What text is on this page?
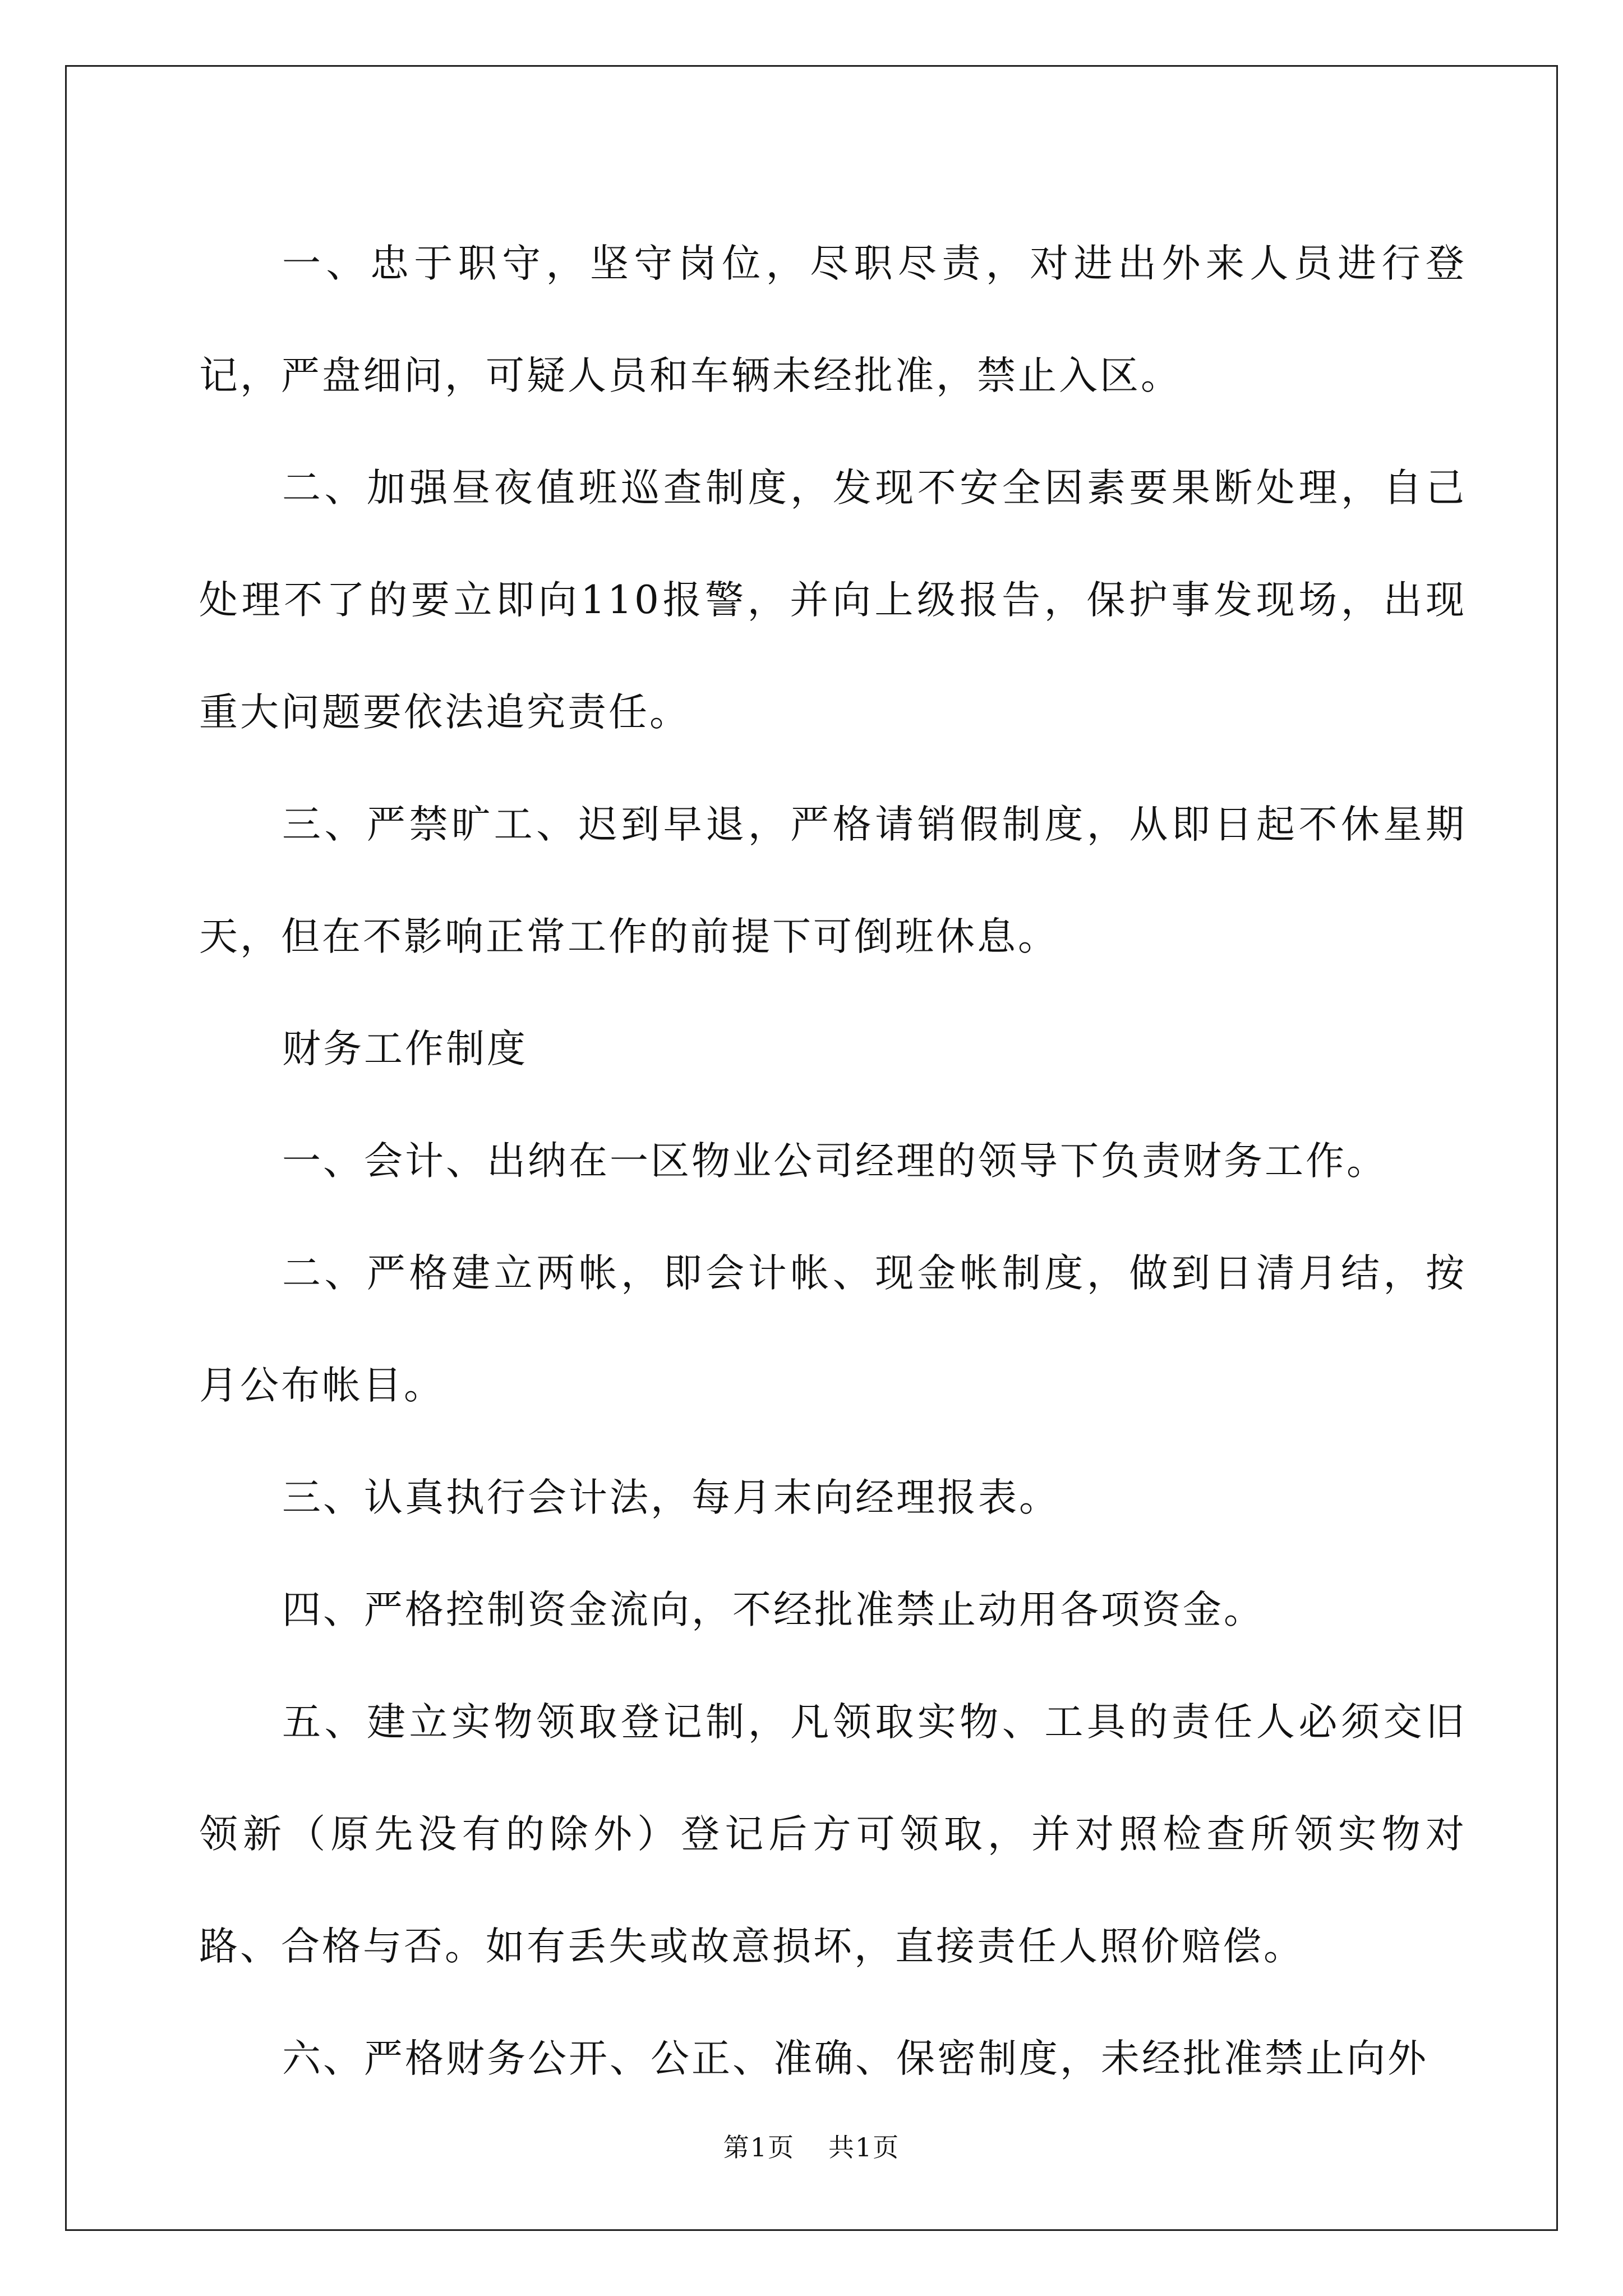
一、忠于职守，坚守岗位，尽职尽责，对进出外来人员进行登记，严盘细问，可疑人员和车辆未经批准，禁止入区。

二、加强昼夜值班巡查制度，发现不安全因素要果断处理，自己处理不了的要立即向110报警，并向上级报告，保护事发现场，出现重大问题要依法追究责任。

三、严禁旷工、迟到早退，严格请销假制度，从即日起不休星期天，但在不影响正常工作的前提下可倒班休息。

财务工作制度

一、会计、出纳在一区物业公司经理的领导下负责财务工作。

二、严格建立两帐，即会计帐、现金帐制度，做到日清月结，按月公布帐目。

三、认真执行会计法，每月末向经理报表。

四、严格控制资金流向，不经批准禁止动用各项资金。

五、建立实物领取登记制，凡领取实物、工具的责任人必须交旧领新（原先没有的除外）登记后方可领取，并对照检查所领实物对路、合格与否。如有丢失或故意损坏，直接责任人照价赔偿。

六、严格财务公开、公正、准确、保密制度，未经批准禁止向外

第1页 共1页
